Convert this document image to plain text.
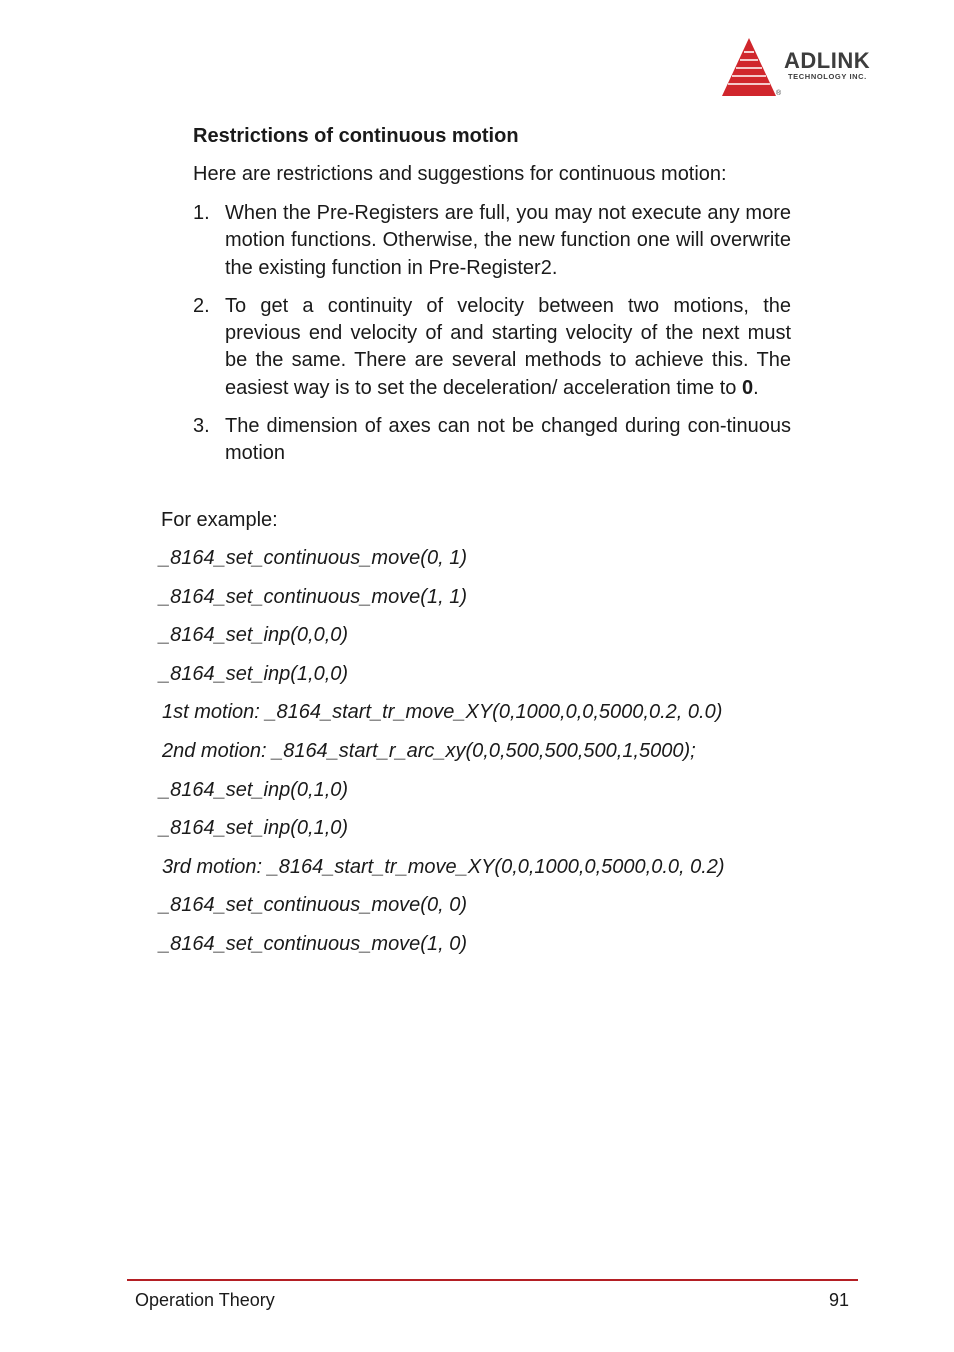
ADLINK
TECHNOLOGY INC.
®
Restrictions of continuous motion

Here are restrictions and suggestions for continuous motion:

1. When the Pre-Registers are full, you may not execute any more motion functions. Otherwise, the new function one will overwrite the existing function in Pre-Register2.
2. To get a continuity of velocity between two motions, the previous end velocity of and starting velocity of the next must be the same. There are several methods to achieve this. The easiest way is to set the deceleration/ acceleration time to 0.
3. The dimension of axes can not be changed during con-tinuous motion

For example:

_8164_set_continuous_move(0, 1)
_8164_set_continuous_move(1, 1)
_8164_set_inp(0,0,0)
_8164_set_inp(1,0,0)
1st motion: _8164_start_tr_move_XY(0,1000,0,0,5000,0.2, 0.0)
2nd motion: _8164_start_r_arc_xy(0,0,500,500,500,1,5000);
_8164_set_inp(0,1,0)
_8164_set_inp(0,1,0)
3rd motion: _8164_start_tr_move_XY(0,0,1000,0,5000,0.0, 0.2)
_8164_set_continuous_move(0, 0)
_8164_set_continuous_move(1, 0)
Operation Theory	91
